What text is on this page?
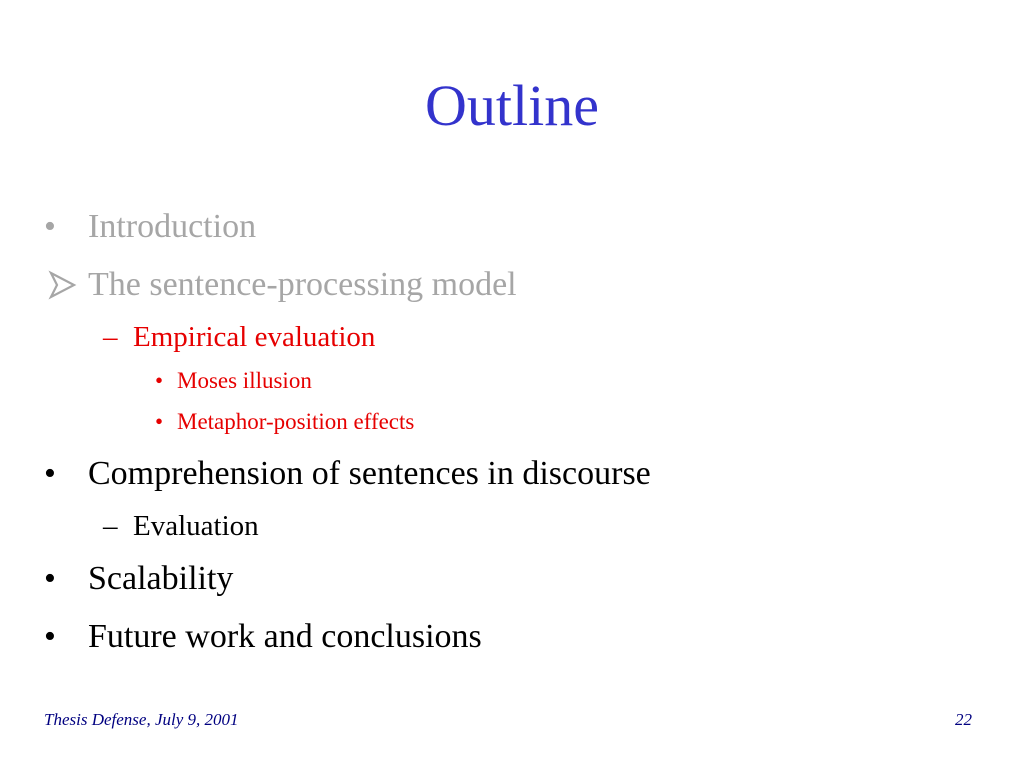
Outline
• Introduction
The sentence-processing model
– Empirical evaluation
• Moses illusion
• Metaphor-position effects
• Comprehension of sentences in discourse
– Evaluation
• Scalability
• Future work and conclusions
Thesis Defense, July 9, 2001	22
